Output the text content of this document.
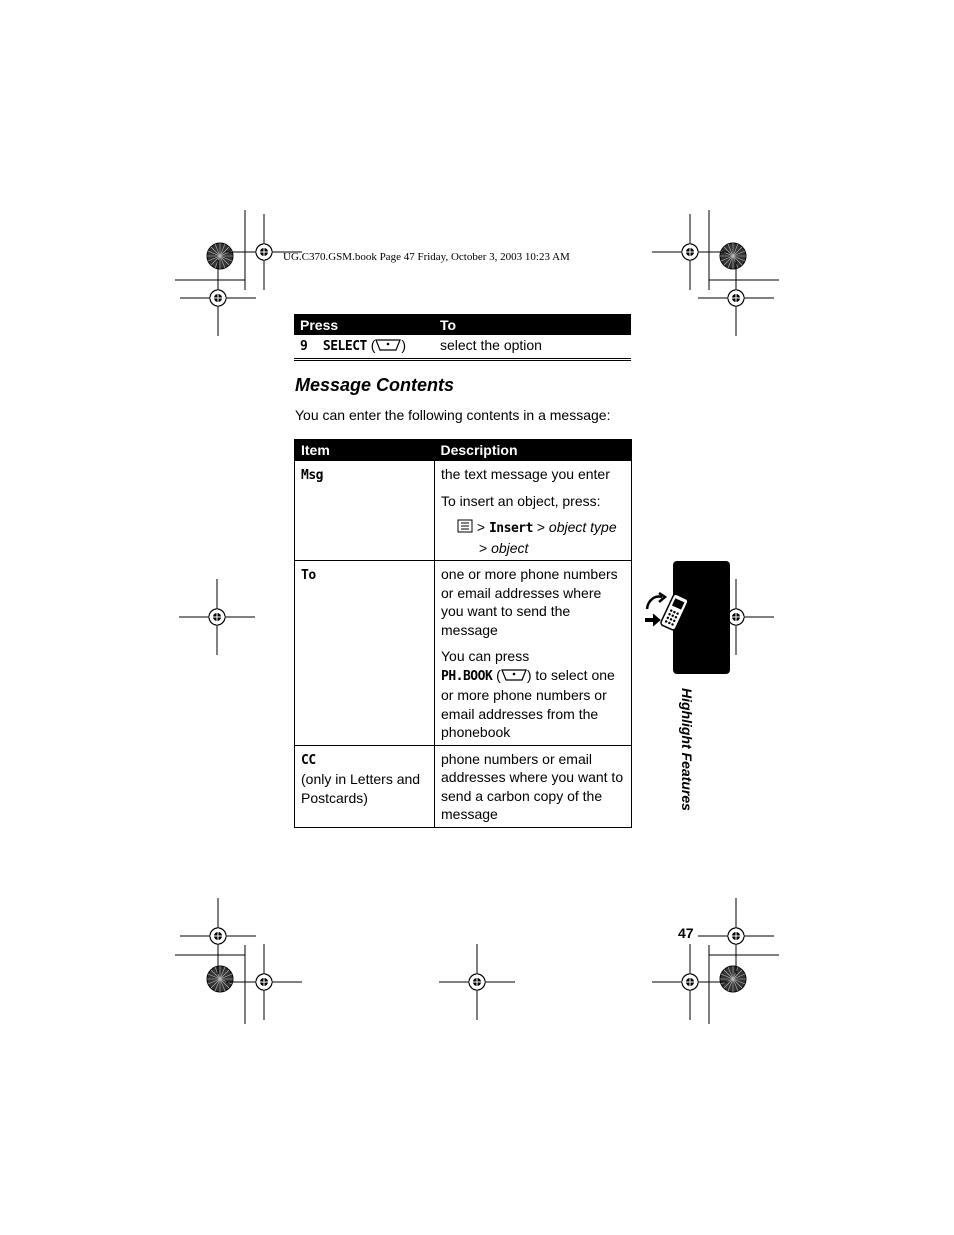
UG.C370.GSM.book Page 47 Friday, October 3, 2003 10:23 AM
Press	To
9 SELECT ( )	select the option
Message Contents
You can enter the following contents in a message:
Item	Description
Msg	the text message you enter

To insert an object, press:

> Insert > object type

> object

To	one or more phone numbers or email addresses where you want to send the message

You can press
PH.BOOK ( ) to select one or more phone numbers or email addresses from the phonebook

CC
(only in Letters and Postcards)	phone numbers or email addresses where you want to send a carbon copy of the message
Highlight Features
47
